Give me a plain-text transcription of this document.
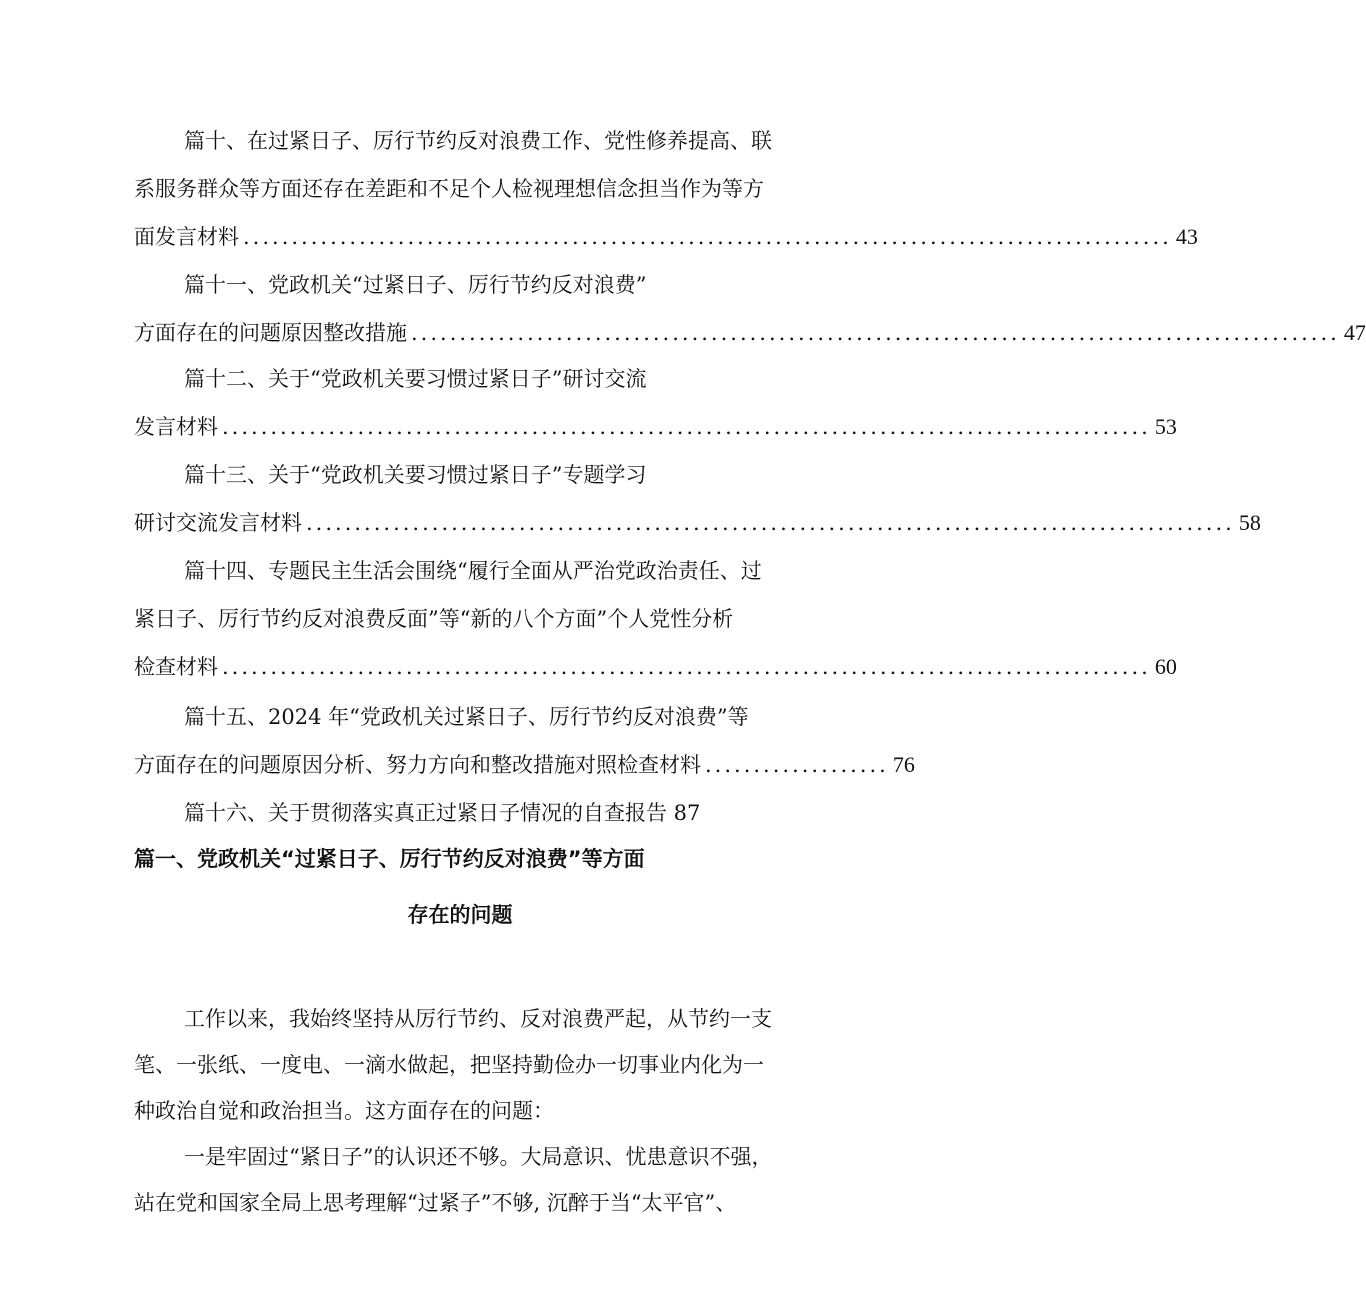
篇十、在过紧日子、厉行节约反对浪费工作、党性修养提高、联
系服务群众等方面还存在差距和不足个人检视理想信念担当作为等方
面发言材料 ................................................................................................ 43
篇十一、党政机关“过紧日子、厉行节约反对浪费”
方面存在的问题原因整改措施 ................................................................................................ 47
篇十二、关于“党政机关要习惯过紧日子”研讨交流
发言材料 ................................................................................................ 53
篇十三、关于“党政机关要习惯过紧日子”专题学习
研讨交流发言材料 ................................................................................................ 58
篇十四、专题民主生活会围绕“履行全面从严治党政治责任、过
紧日子、厉行节约反对浪费反面”等“新的八个方面”个人党性分析
检查材料 ................................................................................................ 60
篇十五、2024 年“党政机关过紧日子、厉行节约反对浪费”等
方面存在的问题原因分析、努力方向和整改措施对照检查材料 ................... 76
篇十六、关于贯彻落实真正过紧日子情况的自查报告 87
篇一、党政机关“过紧日子、厉行节约反对浪费”等方面
存在的问题
工作以来，我始终坚持从厉行节约、反对浪费严起，从节约一支
笔、一张纸、一度电、一滴水做起，把坚持勤俭办一切事业内化为一
种政治自觉和政治担当。这方面存在的问题：
一是牢固过“紧日子”的认识还不够。大局意识、忧患意识不强，
站在党和国家全局上思考理解“过紧子”不够, 沉醉于当“太平官”、
